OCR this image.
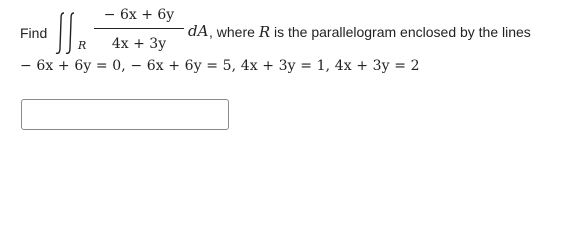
Find
R
− 6x + 6y
4x + 3y
dA , where R is the parallelogram enclosed by the lines
− 6x + 6y = 0, − 6x + 6y = 5, 4x + 3y = 1, 4x + 3y = 2
